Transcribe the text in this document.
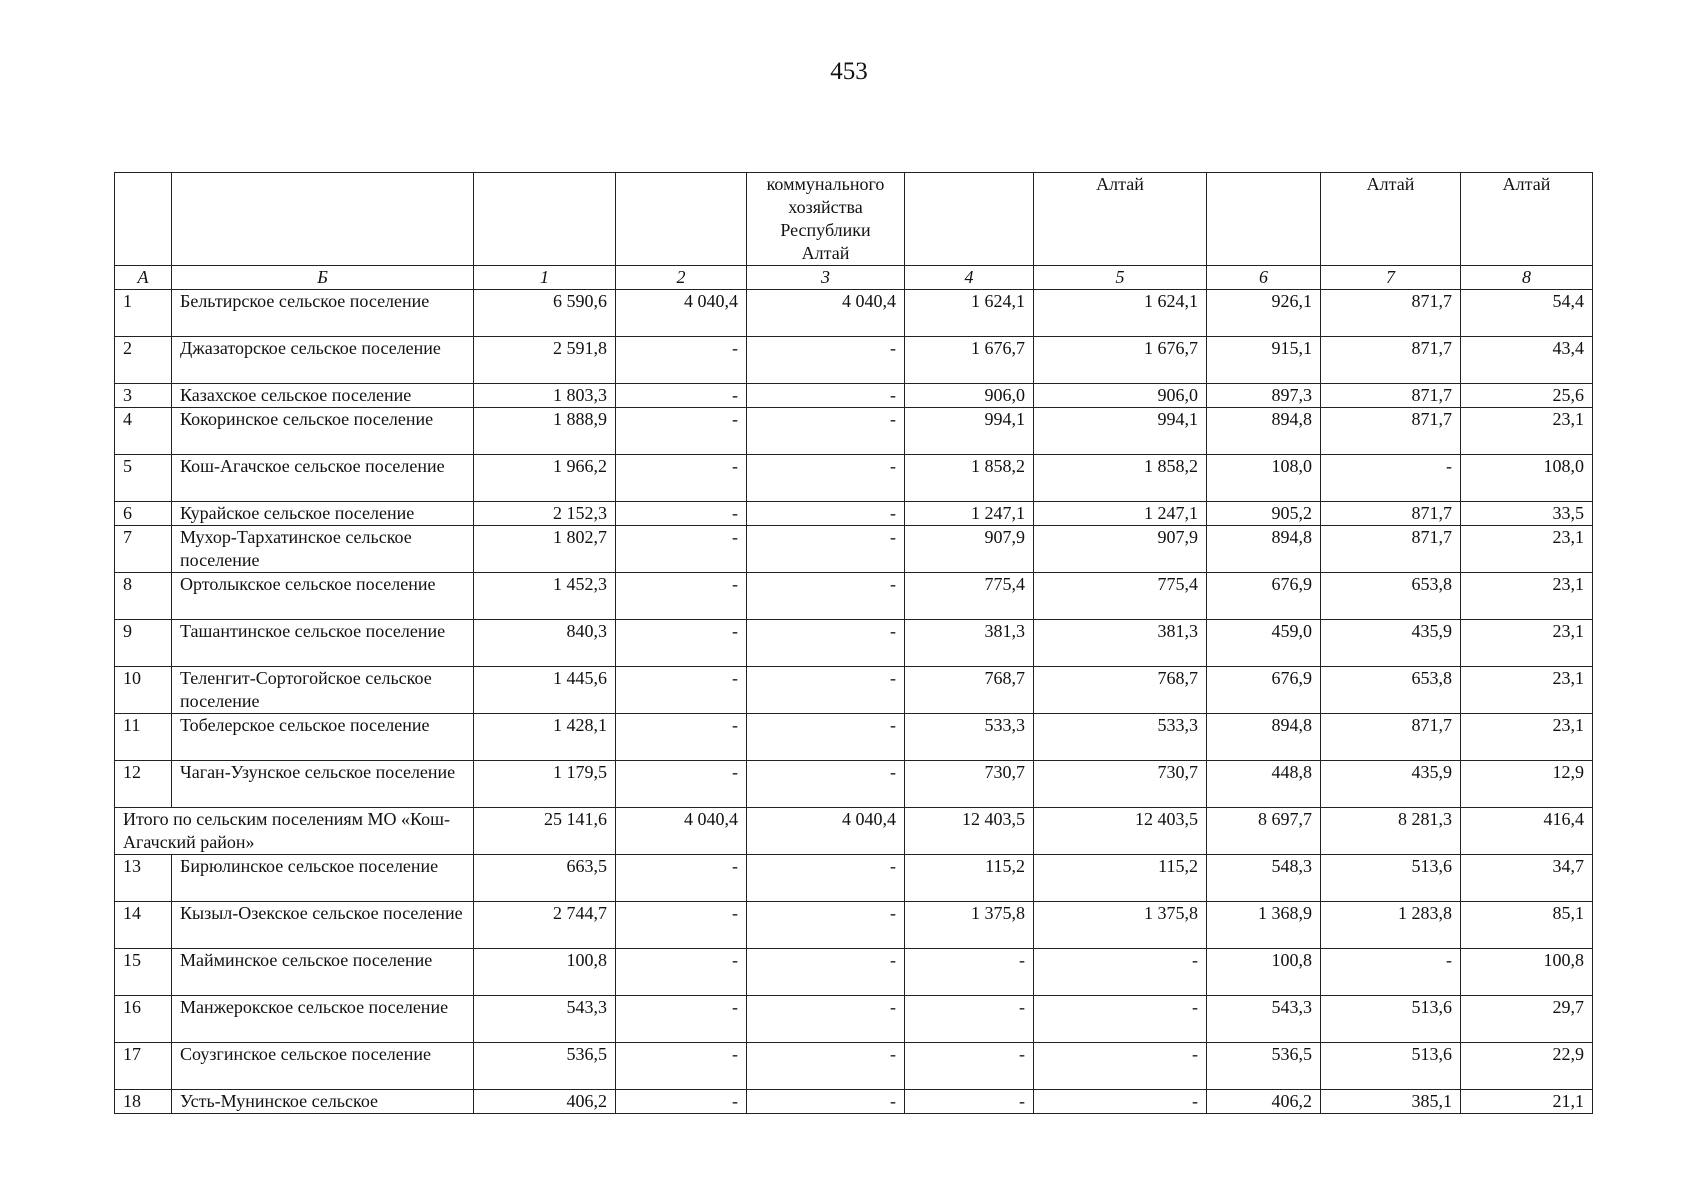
453
				коммунального хозяйства Республики Алтай		Алтай		Алтай	Алтай
А	Б	1	2	3	4	5	6	7	8
1	Бельтирское сельское поселение	6 590,6	4 040,4	4 040,4	1 624,1	1 624,1	926,1	871,7	54,4
2	Джазаторское сельское поселение	2 591,8	-	-	1 676,7	1 676,7	915,1	871,7	43,4
3	Казахское сельское поселение	1 803,3	-	-	906,0	906,0	897,3	871,7	25,6
4	Кокоринское сельское поселение	1 888,9	-	-	994,1	994,1	894,8	871,7	23,1
5	Кош-Агачское сельское поселение	1 966,2	-	-	1 858,2	1 858,2	108,0	-	108,0
6	Курайское сельское поселение	2 152,3	-	-	1 247,1	1 247,1	905,2	871,7	33,5
7	Мухор-Тархатинское сельское поселение	1 802,7	-	-	907,9	907,9	894,8	871,7	23,1
8	Ортолыкское сельское поселение	1 452,3	-	-	775,4	775,4	676,9	653,8	23,1
9	Ташантинское сельское поселение	840,3	-	-	381,3	381,3	459,0	435,9	23,1
10	Теленгит-Сортогойское сельское поселение	1 445,6	-	-	768,7	768,7	676,9	653,8	23,1
11	Тобелерское сельское поселение	1 428,1	-	-	533,3	533,3	894,8	871,7	23,1
12	Чаган-Узунское сельское поселение	1 179,5	-	-	730,7	730,7	448,8	435,9	12,9
Итого по сельским поселениям МО «Кош-Агачский район»		25 141,6	4 040,4	4 040,4	12 403,5	12 403,5	8 697,7	8 281,3	416,4
13	Бирюлинское сельское поселение	663,5	-	-	115,2	115,2	548,3	513,6	34,7
14	Кызыл-Озекское сельское поселение	2 744,7	-	-	1 375,8	1 375,8	1 368,9	1 283,8	85,1
15	Майминское сельское поселение	100,8	-	-	-	-	100,8	-	100,8
16	Манжерокское сельское поселение	543,3	-	-	-	-	543,3	513,6	29,7
17	Соузгинское сельское поселение	536,5	-	-	-	-	536,5	513,6	22,9
18	Усть-Мунинское сельское	406,2	-	-	-	-	406,2	385,1	21,1
